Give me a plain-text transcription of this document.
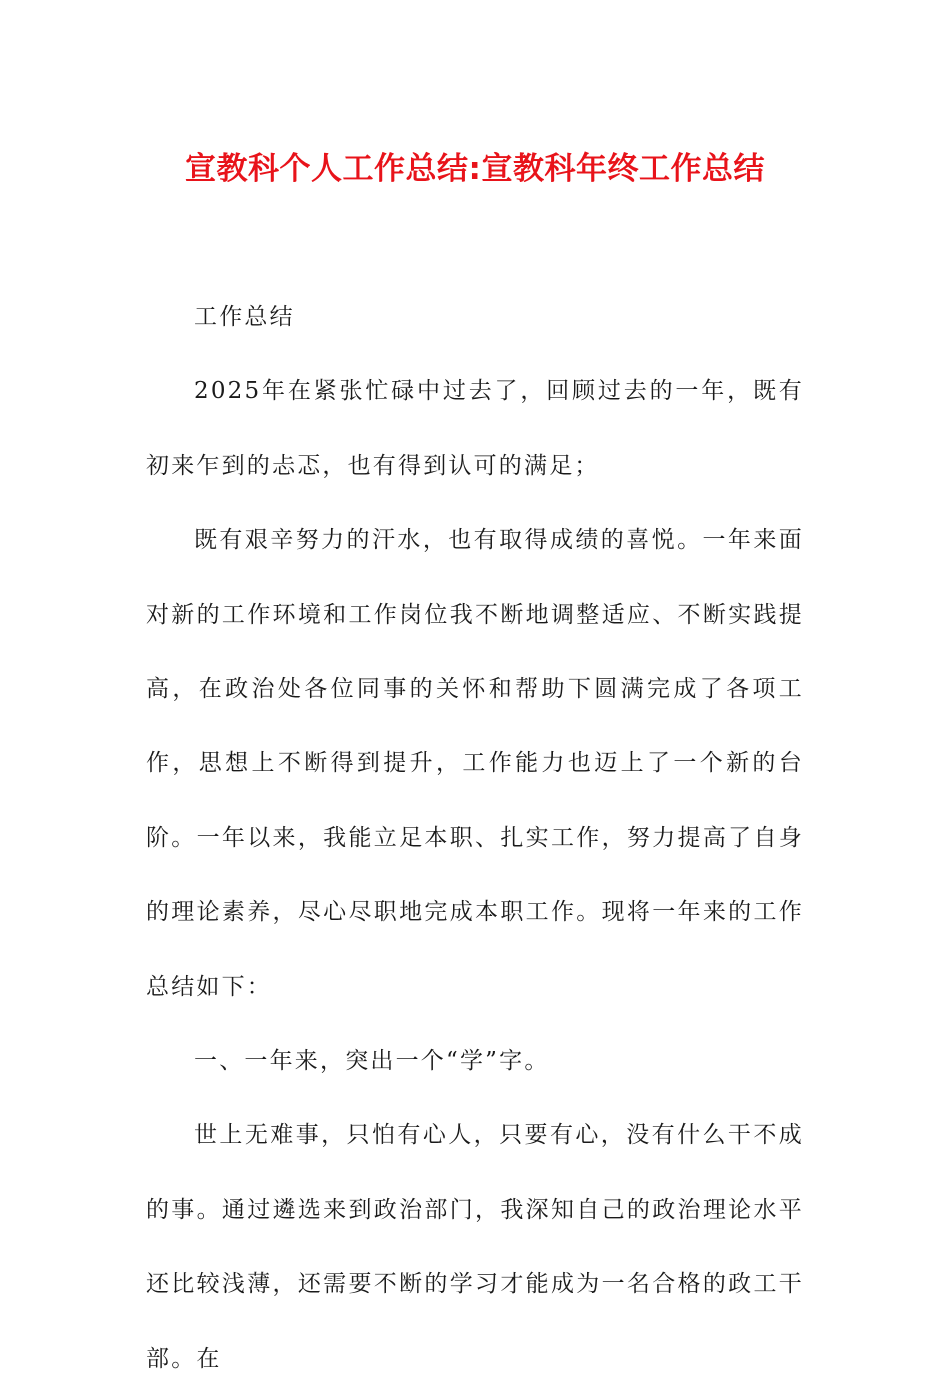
宣教科个人工作总结:宣教科年终工作总结

工作总结

2025年在紧张忙碌中过去了，回顾过去的一年，既有初来乍到的忐忑，也有得到认可的满足；

既有艰辛努力的汗水，也有取得成绩的喜悦。一年来面对新的工作环境和工作岗位我不断地调整适应、不断实践提高，在政治处各位同事的关怀和帮助下圆满完成了各项工作，思想上不断得到提升，工作能力也迈上了一个新的台阶。一年以来，我能立足本职、扎实工作，努力提高了自身的理论素养，尽心尽职地完成本职工作。现将一年来的工作总结如下：

一、一年来，突出一个“学”字。

世上无难事，只怕有心人，只要有心，没有什么干不成的事。通过遴选来到政治部门，我深知自己的政治理论水平还比较浅薄，还需要不断的学习才能成为一名合格的政工干部。在
